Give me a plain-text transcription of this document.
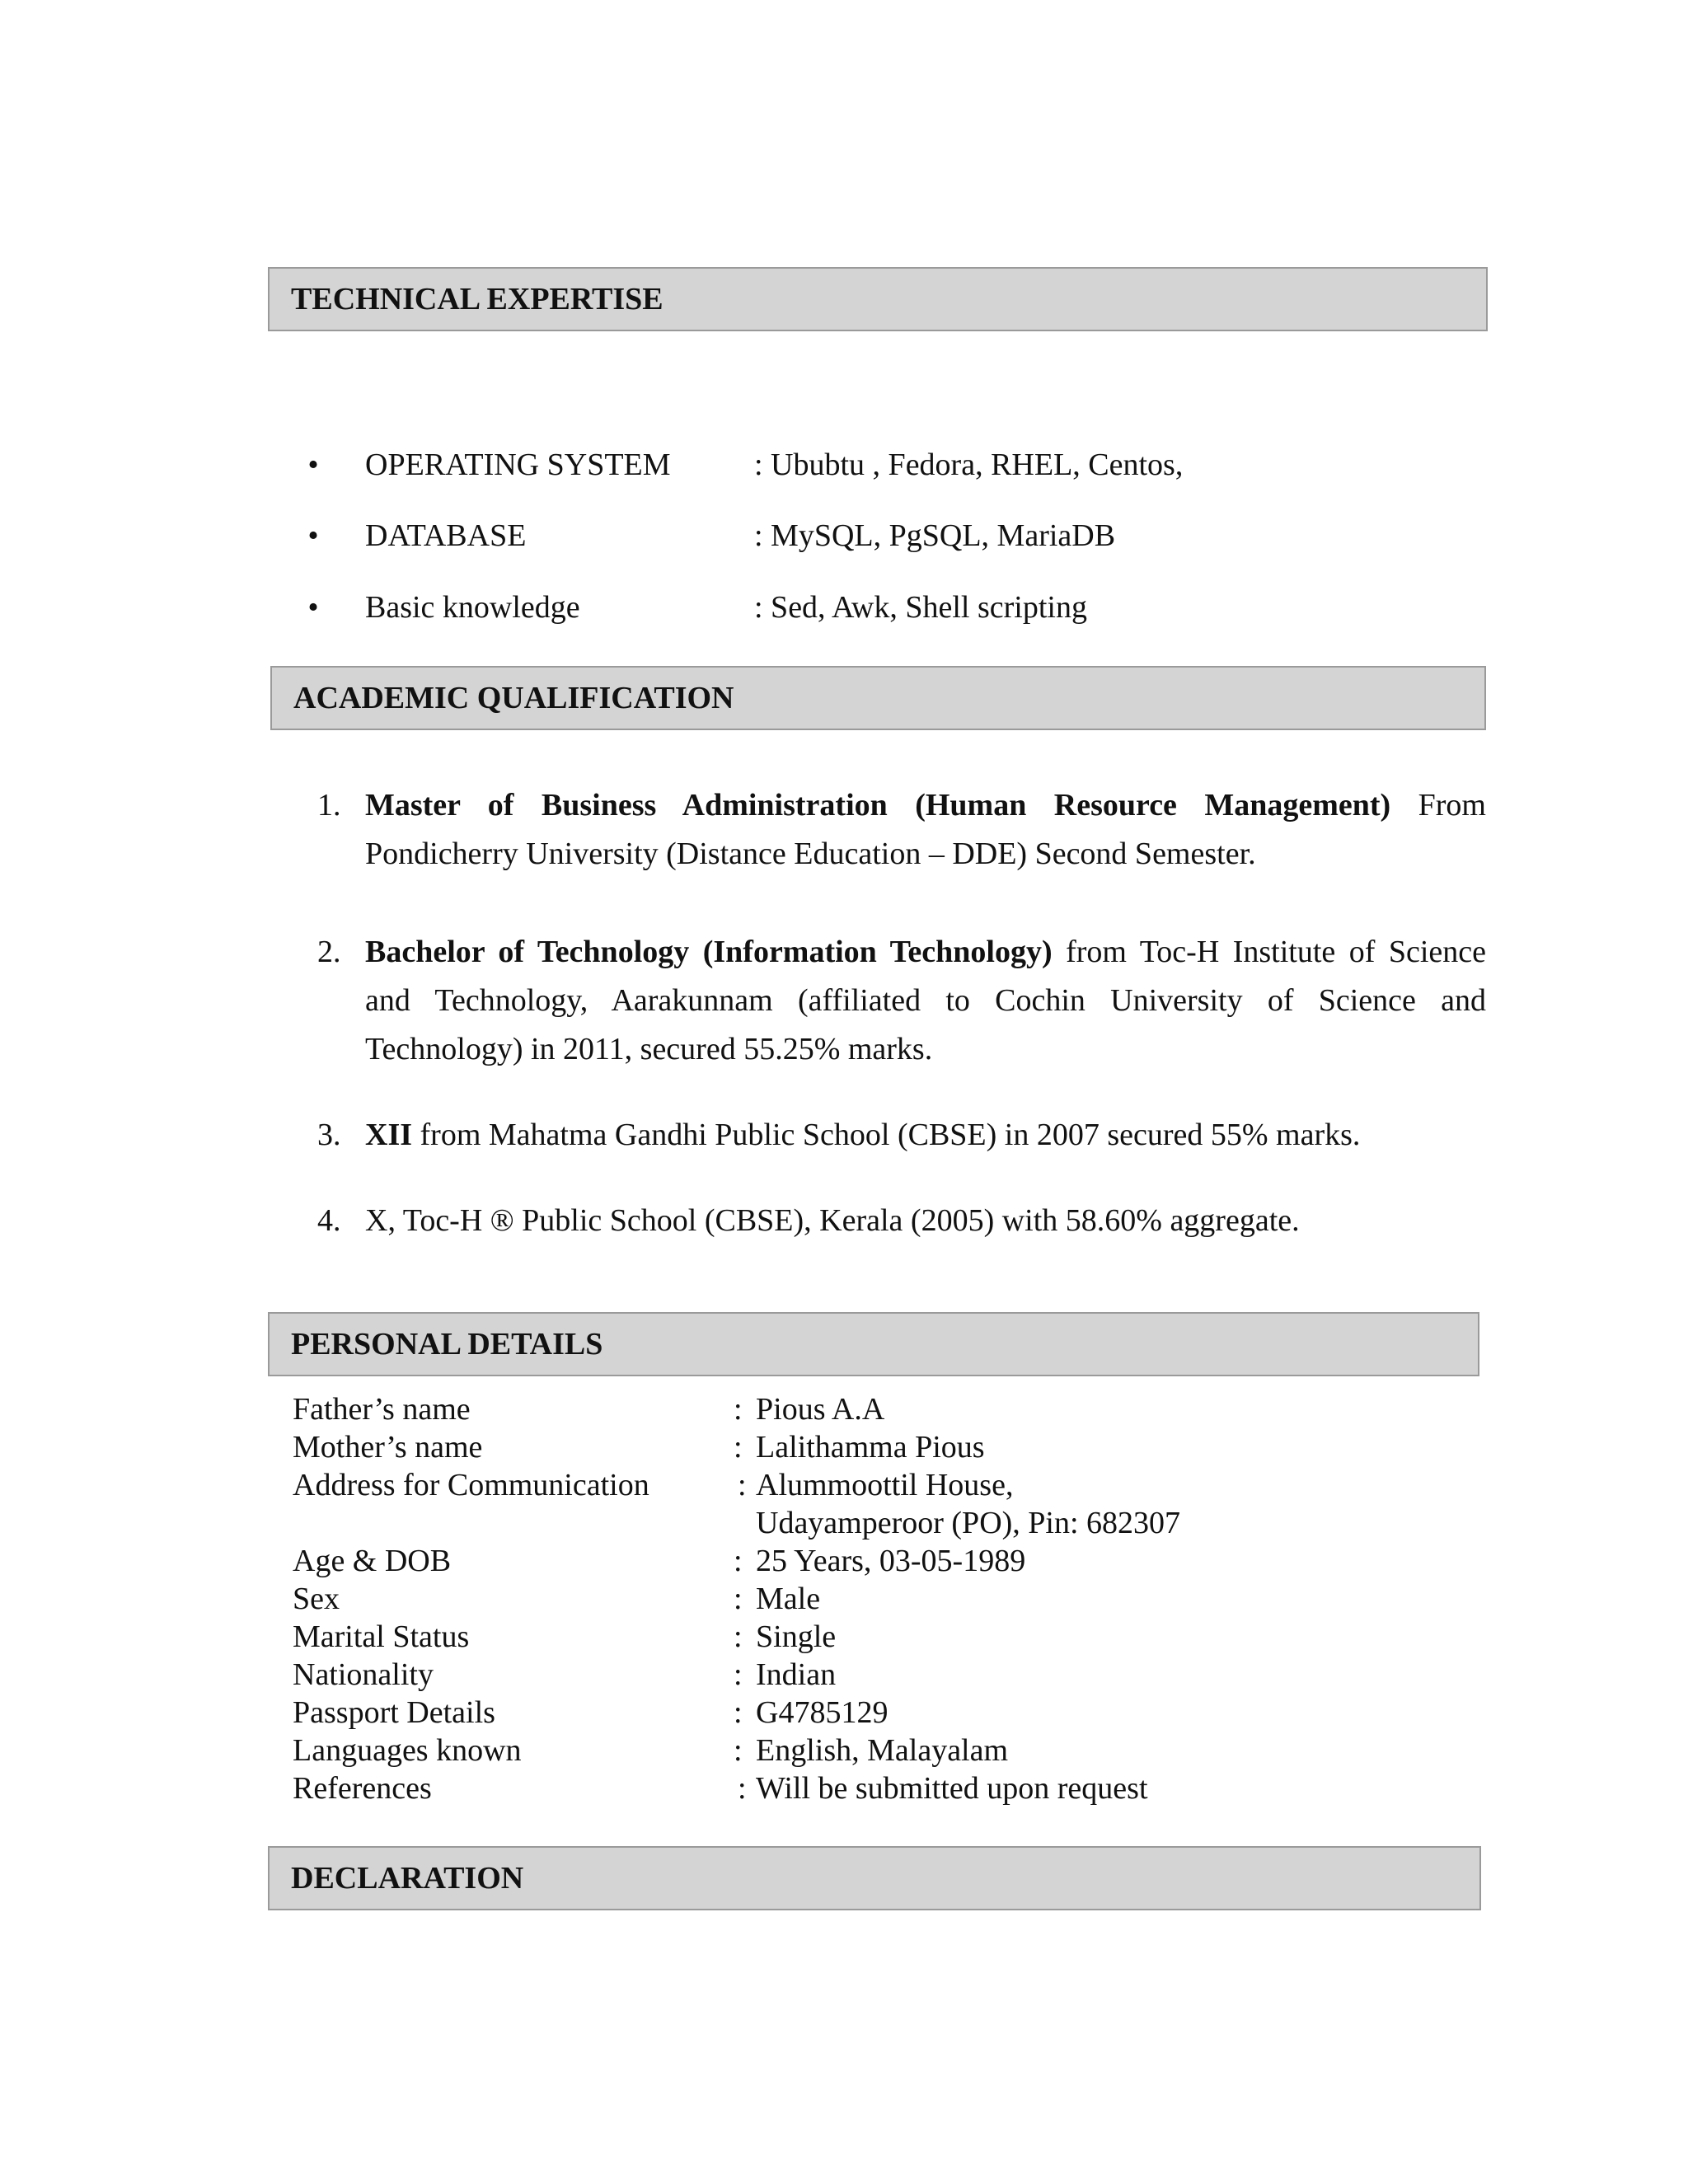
TECHNICAL EXPERTISE
• OPERATING SYSTEM	: Ububtu , Fedora, RHEL, Centos,
• DATABASE	: MySQL, PgSQL, MariaDB
• Basic knowledge	: Sed, Awk, Shell scripting
ACADEMIC QUALIFICATION
1. Master of Business Administration (Human Resource Management) From Pondicherry University (Distance Education – DDE) Second Semester.
2. Bachelor of Technology (Information Technology) from Toc-H Institute of Science and Technology, Aarakunnam (affiliated to Cochin University of Science and Technology) in 2011, secured 55.25% marks.
3. XII from Mahatma Gandhi Public School (CBSE) in 2007 secured 55% marks.
4. X, Toc-H ® Public School (CBSE), Kerala (2005) with 58.60% aggregate.
PERSONAL DETAILS
Father’s name	: Pious A.A
Mother’s name	: Lalithamma Pious
Address for Communication	: Alummoottil House,
Udayamperoor (PO), Pin: 682307
Age & DOB	: 25 Years, 03-05-1989
Sex	: Male
Marital Status	: Single
Nationality	: Indian
Passport Details	: G4785129
Languages known	: English, Malayalam
References	: Will be submitted upon request
DECLARATION
